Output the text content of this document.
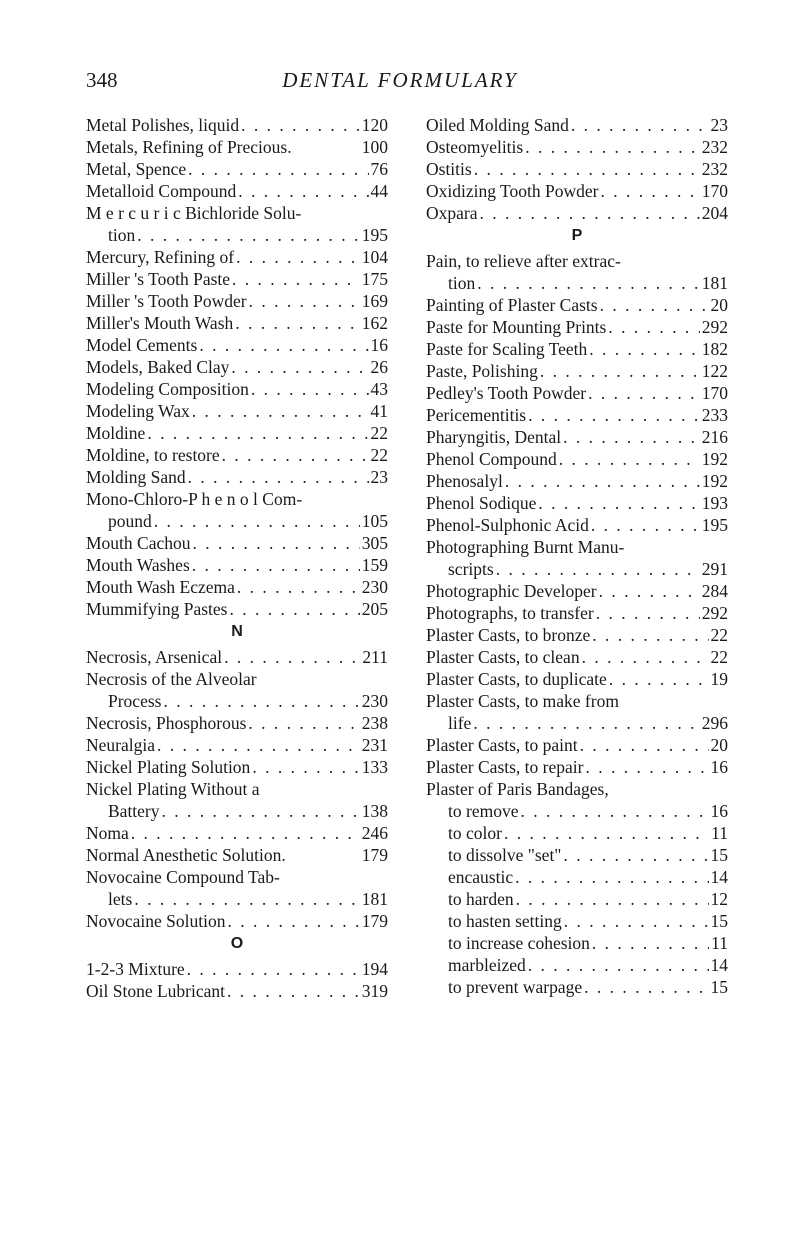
348	DENTAL FORMULARY
Metal Polishes, liquid . . .	120
Metals, Refining of Precious.	100
Metal, Spence . . .	76
Metalloid Compound . . .	44
M e r c u r i c Bichloride Solu-
tion . . .	195
Mercury, Refining of . . .	104
Miller 's Tooth Paste . . .	175
Miller 's Tooth Powder . . .	169
Miller's Mouth Wash . . .	162
Model Cements . . .	16
Models, Baked Clay . . .	26
Modeling Composition . . .	43
Modeling Wax . . .	41
Moldine . . .	22
Moldine, to restore . . .	22
Molding Sand . . .	23
Mono-Chloro-P h e n o l Com-
pound . . .	105
Mouth Cachou . . .	305
Mouth Washes . . .	159
Mouth Wash Eczema . . .	230
Mummifying Pastes . . .	205
N
Necrosis, Arsenical . . .	211
Necrosis of the Alveolar
Process . . .	230
Necrosis, Phosphorous . . .	238
Neuralgia . . .	231
Nickel Plating Solution . . .	133
Nickel Plating Without a
Battery . . .	138
Noma . . .	246
Normal Anesthetic Solution.	179
Novocaine Compound Tab-
lets . . .	181
Novocaine Solution . . .	179
O
1-2-3 Mixture . . .	194
Oil Stone Lubricant . . .	319
Oiled Molding Sand . . .	23
Osteomyelitis . . .	232
Ostitis . . .	232
Oxidizing Tooth Powder . . .	170
Oxpara . . .	204
P
Pain, to relieve after extrac-
tion . . .	181
Painting of Plaster Casts . . .	20
Paste for Mounting Prints . . .	292
Paste for Scaling Teeth . . .	182
Paste, Polishing . . .	122
Pedley's Tooth Powder . . .	170
Pericementitis . . .	233
Pharyngitis, Dental . . .	216
Phenol Compound . . .	192
Phenosalyl . . .	192
Phenol Sodique . . .	193
Phenol-Sulphonic Acid . . .	195
Photographing Burnt Manu-
scripts . . .	291
Photographic Developer . . .	284
Photographs, to transfer . . .	292
Plaster Casts, to bronze . . .	22
Plaster Casts, to clean . . .	22
Plaster Casts, to duplicate . . .	19
Plaster Casts, to make from
life . . .	296
Plaster Casts, to paint . . .	20
Plaster Casts, to repair . . .	16
Plaster of Paris Bandages,
to remove . . .	16
to color . . .	11
to dissolve "set" . . .	15
encaustic . . .	14
to harden . . .	12
to hasten setting . . .	15
to increase cohesion . . .	11
marbleized . . .	14
to prevent warpage . . .	15
